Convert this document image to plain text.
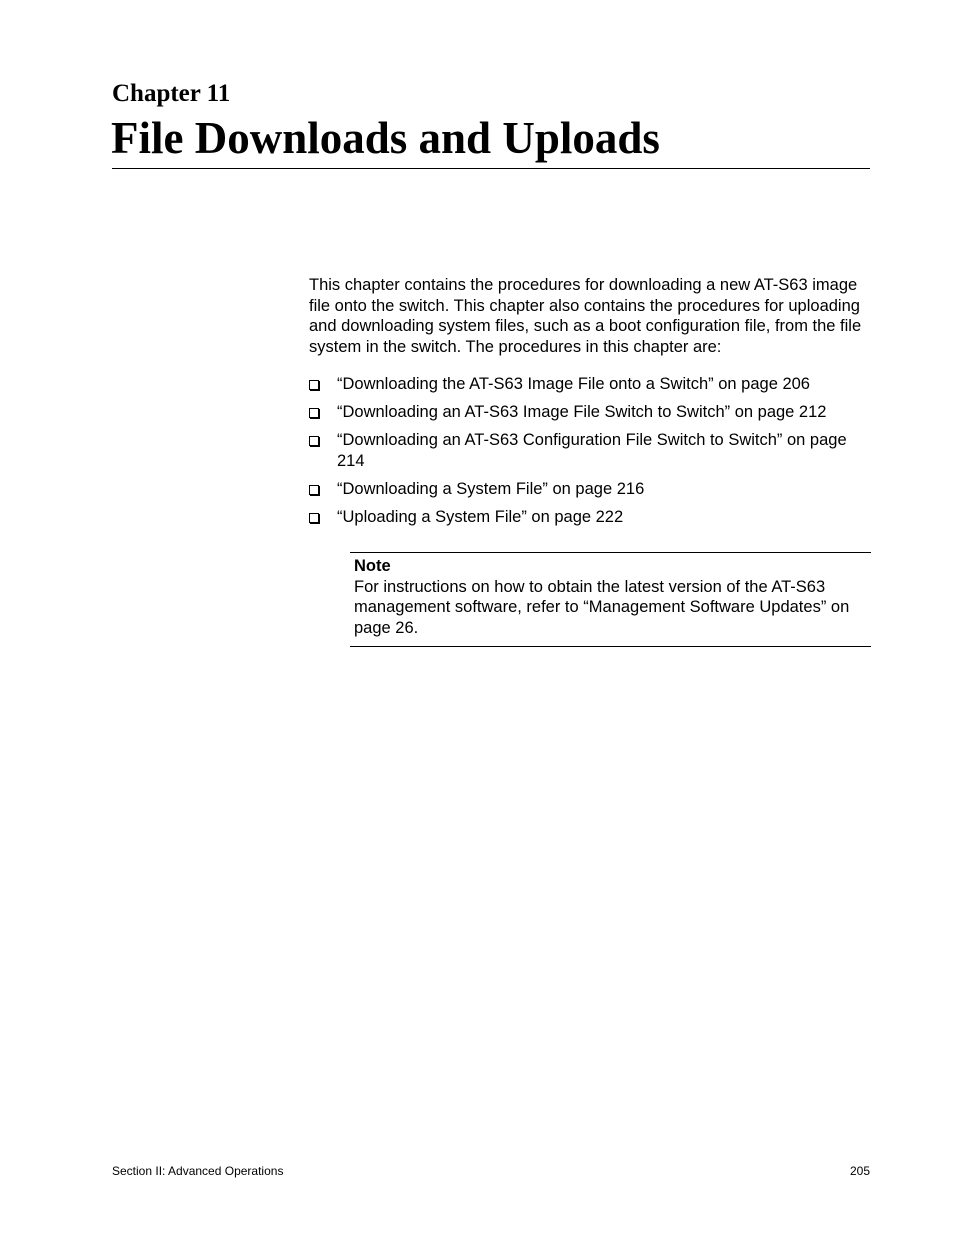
Chapter 11
File Downloads and Uploads

This chapter contains the procedures for downloading a new AT-S63 image file onto the switch. This chapter also contains the procedures for uploading and downloading system files, such as a boot configuration file, from the file system in the switch. The procedures in this chapter are:

“Downloading the AT-S63 Image File onto a Switch” on page 206
“Downloading an AT-S63 Image File Switch to Switch” on page 212
“Downloading an AT-S63 Configuration File Switch to Switch” on page 214
“Downloading a System File” on page 216
“Uploading a System File” on page 222
Note
For instructions on how to obtain the latest version of the AT-S63 management software, refer to “Management Software Updates” on page 26.
Section II: Advanced Operations	205
